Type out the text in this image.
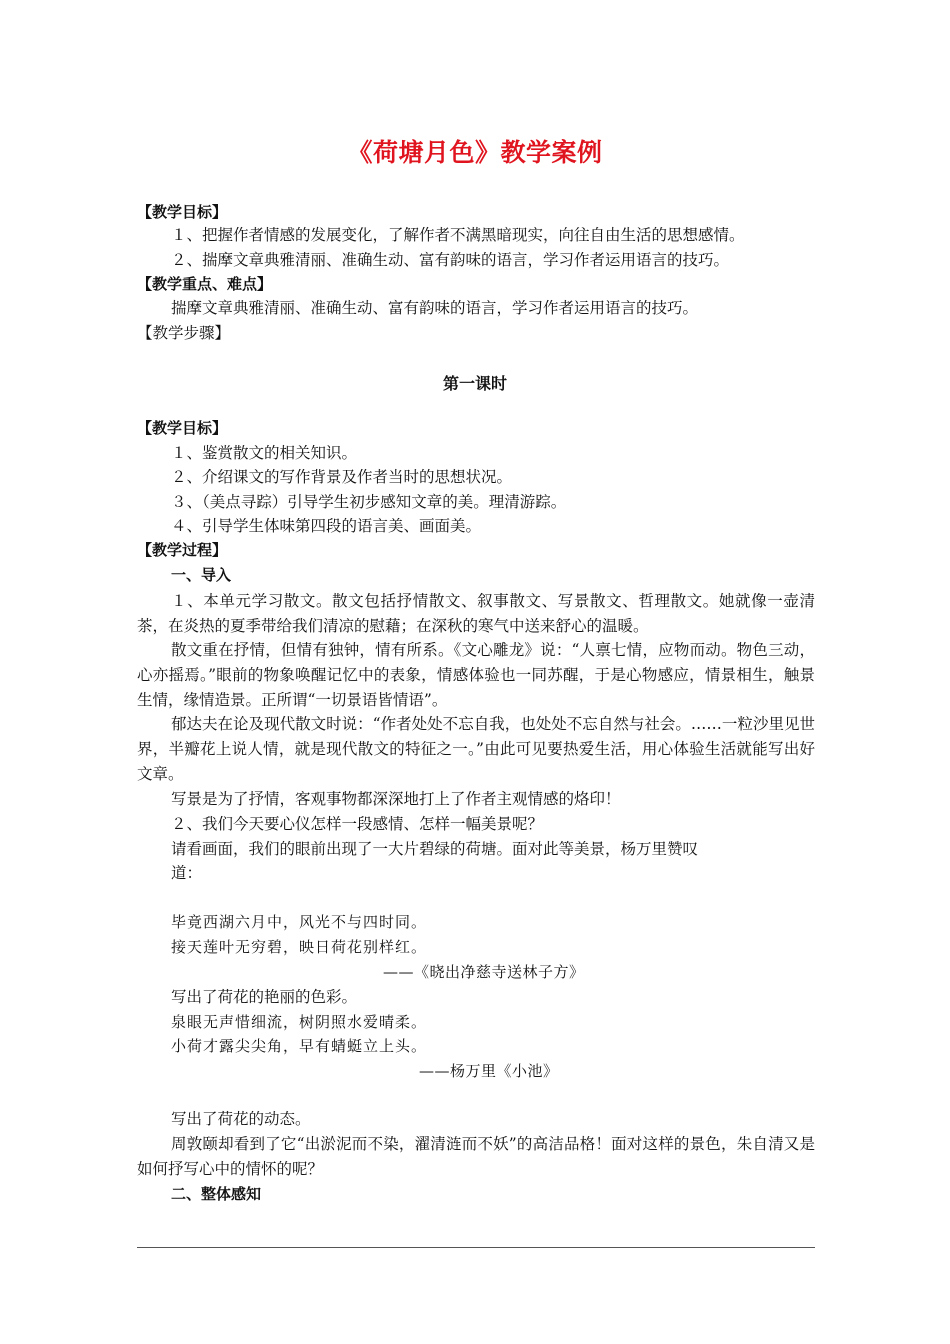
《荷塘月色》教学案例
【教学目标】
１、把握作者情感的发展变化，了解作者不满黑暗现实，向往自由生活的思想感情。
２、揣摩文章典雅清丽、准确生动、富有韵味的语言，学习作者运用语言的技巧。
【教学重点、难点】
揣摩文章典雅清丽、准确生动、富有韵味的语言，学习作者运用语言的技巧。
【教学步骤】
第一课时
【教学目标】
１、鉴赏散文的相关知识。
２、介绍课文的写作背景及作者当时的思想状况。
３、（美点寻踪）引导学生初步感知文章的美。理清游踪。
４、引导学生体味第四段的语言美、画面美。
【教学过程】
一、导入

１、本单元学习散文。散文包括抒情散文、叙事散文、写景散文、哲理散文。她就像一壶清茶，在炎热的夏季带给我们清凉的慰藉；在深秋的寒气中送来舒心的温暖。

散文重在抒情，但情有独钟，情有所系。《文心雕龙》说：“人禀七情，应物而动。物色三动，心亦摇焉。”眼前的物象唤醒记忆中的表象，情感体验也一同苏醒，于是心物感应，情景相生，触景生情，缘情造景。正所谓“一切景语皆情语”。

郁达夫在论及现代散文时说：“作者处处不忘自我，也处处不忘自然与社会。……一粒沙里见世界，半瓣花上说人情，就是现代散文的特征之一。”由此可见要热爱生活，用心体验生活就能写出好文章。

写景是为了抒情，客观事物都深深地打上了作者主观情感的烙印！
２、我们今天要心仪怎样一段感情、怎样一幅美景呢？
请看画面，我们的眼前出现了一大片碧绿的荷塘。面对此等美景，杨万里赞叹
道：
毕竟西湖六月中，风光不与四时同。
接天莲叶无穷碧，映日荷花别样红。
——《晓出净慈寺送林子方》
写出了荷花的艳丽的色彩。
泉眼无声惜细流，树阴照水爱晴柔。
小荷才露尖尖角，早有蜻蜓立上头。
——杨万里《小池》
写出了荷花的动态。

周敦颐却看到了它“出淤泥而不染，濯清涟而不妖”的高洁品格！面对这样的景色，朱自清又是如何抒写心中的情怀的呢？

二、整体感知
